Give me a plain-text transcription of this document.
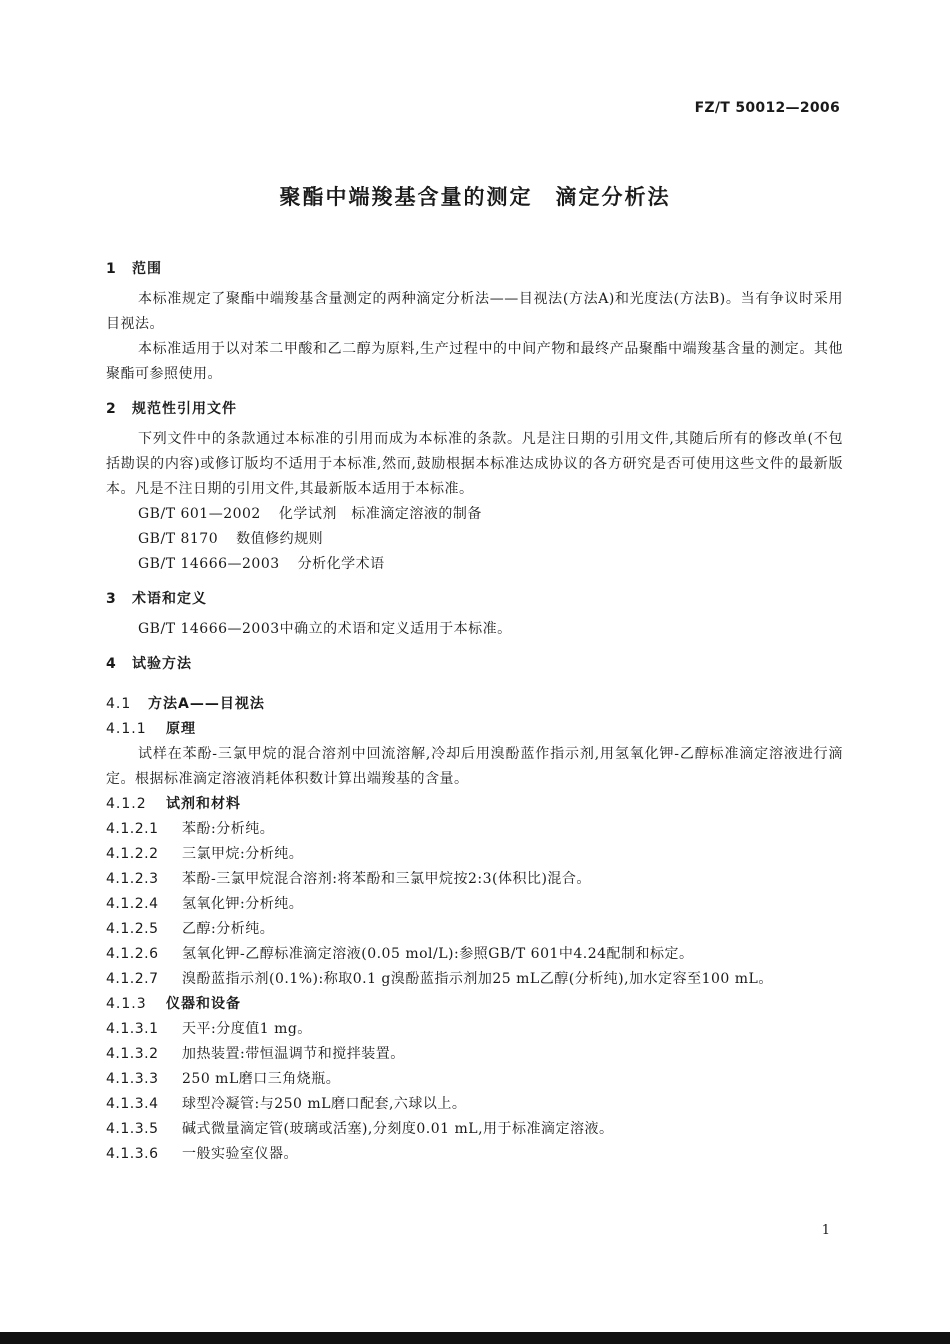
FZ/T 50012—2006
聚酯中端羧基含量的测定　滴定分析法
1 范围
本标准规定了聚酯中端羧基含量测定的两种滴定分析法——目视法(方法A)和光度法(方法B)。当有争议时采用目视法。
本标准适用于以对苯二甲酸和乙二醇为原料,生产过程中的中间产物和最终产品聚酯中端羧基含量的测定。其他聚酯可参照使用。
2 规范性引用文件
下列文件中的条款通过本标准的引用而成为本标准的条款。凡是注日期的引用文件,其随后所有的修改单(不包括勘误的内容)或修订版均不适用于本标准,然而,鼓励根据本标准达成协议的各方研究是否可使用这些文件的最新版本。凡是不注日期的引用文件,其最新版本适用于本标准。
GB/T 601—2002 化学试剂　标准滴定溶液的制备
GB/T 8170 数值修约规则
GB/T 14666—2003 分析化学术语
3 术语和定义
GB/T 14666—2003中确立的术语和定义适用于本标准。
4 试验方法
4.1 方法A——目视法
4.1.1 原理
试样在苯酚-三氯甲烷的混合溶剂中回流溶解,冷却后用溴酚蓝作指示剂,用氢氧化钾-乙醇标准滴定溶液进行滴定。根据标准滴定溶液消耗体积数计算出端羧基的含量。
4.1.2 试剂和材料
4.1.2.1 苯酚:分析纯。
4.1.2.2 三氯甲烷:分析纯。
4.1.2.3 苯酚-三氯甲烷混合溶剂:将苯酚和三氯甲烷按2:3(体积比)混合。
4.1.2.4 氢氧化钾:分析纯。
4.1.2.5 乙醇:分析纯。
4.1.2.6 氢氧化钾-乙醇标准滴定溶液(0.05 mol/L):参照GB/T 601中4.24配制和标定。
4.1.2.7 溴酚蓝指示剂(0.1%):称取0.1 g溴酚蓝指示剂加25 mL乙醇(分析纯),加水定容至100 mL。
4.1.3 仪器和设备
4.1.3.1 天平:分度值1 mg。
4.1.3.2 加热装置:带恒温调节和搅拌装置。
4.1.3.3 250 mL磨口三角烧瓶。
4.1.3.4 球型冷凝管:与250 mL磨口配套,六球以上。
4.1.3.5 碱式微量滴定管(玻璃或活塞),分刻度0.01 mL,用于标准滴定溶液。
4.1.3.6 一般实验室仪器。
1
